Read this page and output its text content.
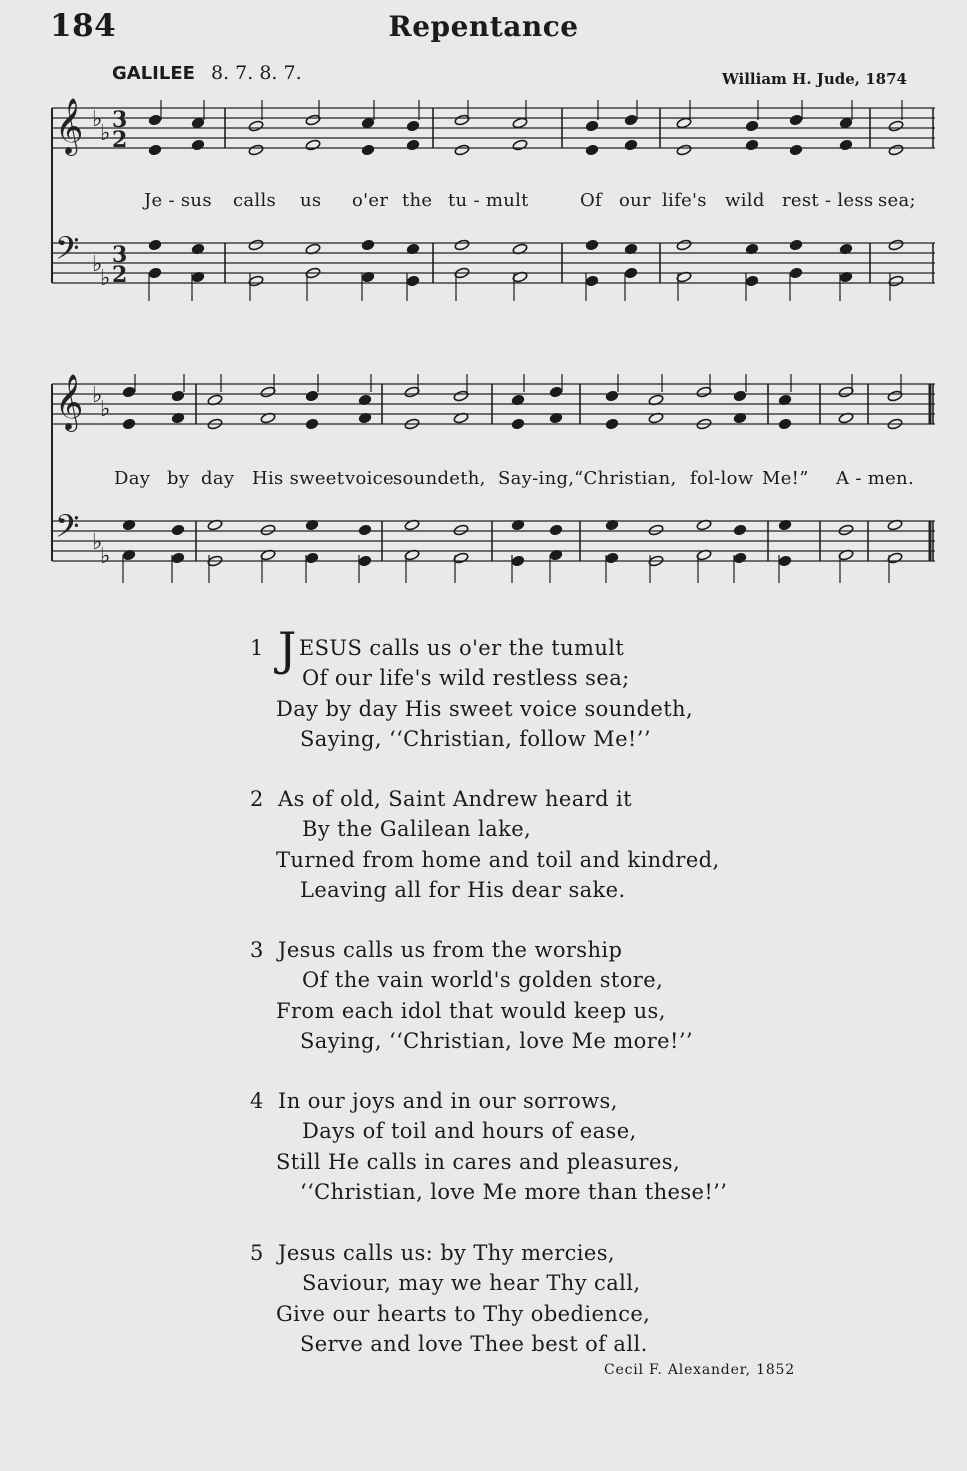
184	Repentance
GALILEE 8. 7. 8. 7.	William H. Jude, 1874
𝄞
𝄢
𝄞
𝄢
♭
♭
♭
♭
♭
♭
♭
♭
3
2
3
2
Je - sus calls us o'er the tu - mult	Of our life's wild rest - less sea;
Day by day His sweet voice soundeth, Say-ing, “Christian, fol-low Me!” A - men.
1 JESUS calls us o'er the tumult
Of our life's wild restless sea;
Day by day His sweet voice soundeth,
Saying, ‘‘Christian, follow Me!’’
2 As of old, Saint Andrew heard it
By the Galilean lake,
Turned from home and toil and kindred,
Leaving all for His dear sake.
3 Jesus calls us from the worship
Of the vain world's golden store,
From each idol that would keep us,
Saying, ‘‘Christian, love Me more!’’
4 In our joys and in our sorrows,
Days of toil and hours of ease,
Still He calls in cares and pleasures,
‘‘Christian, love Me more than these!’’
5 Jesus calls us: by Thy mercies,
Saviour, may we hear Thy call,
Give our hearts to Thy obedience,
Serve and love Thee best of all.
Cecil F. Alexander, 1852
